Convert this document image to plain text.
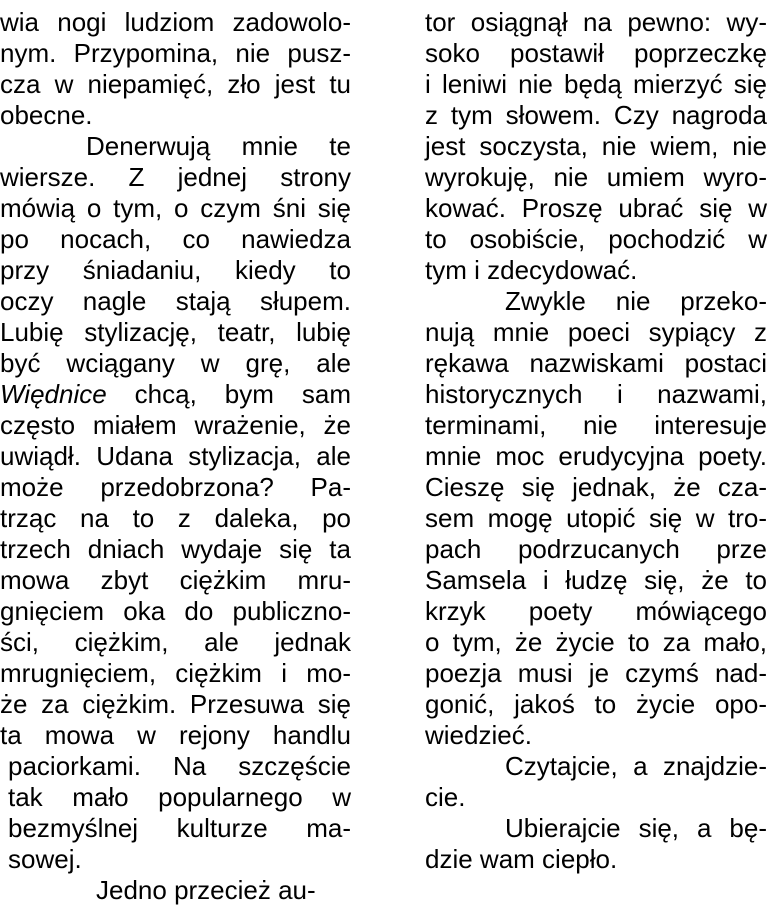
wia nogi ludziom zadowolo-
nym. Przypomina, nie pusz-
cza w niepamięć, zło jest tu
obecne.
Denerwują mnie te
wiersze. Z jednej strony
mówią o tym, o czym śni się
po nocach, co nawiedza
przy śniadaniu, kiedy to
oczy nagle stają słupem.
Lubię stylizację, teatr, lubię
być wciągany w grę, ale
Więdnice chcą, bym sam
często miałem wrażenie, że
uwiądł. Udana stylizacja, ale
może przedobrzona? Pa-
trząc na to z daleka, po
trzech dniach wydaje się ta
mowa zbyt ciężkim mru-
gnięciem oka do publiczno-
ści, ciężkim, ale jednak
mrugnięciem, ciężkim i mo-
że za ciężkim. Przesuwa się
ta mowa w rejony handlu
paciorkami. Na szczęście
tak mało popularnego w
bezmyślnej kulturze ma-
sowej.
Jedno przecież au-
tor osiągnął na pewno: wy-
soko postawił poprzeczkę
i leniwi nie będą mierzyć się
z tym słowem. Czy nagroda
jest soczysta, nie wiem, nie
wyrokuję, nie umiem wyro-
kować. Proszę ubrać się w
to osobiście, pochodzić w
tym i zdecydować.
Zwykle nie przeko-
nują mnie poeci sypiący z
rękawa nazwiskami postaci
historycznych i nazwami,
terminami, nie interesuje
mnie moc erudycyjna poety.
Cieszę się jednak, że cza-
sem mogę utopić się w tro-
pach podrzucanych prze
Samsela i łudzę się, że to
krzyk poety mówiącego
o tym, że życie to za mało,
poezja musi je czymś nad-
gonić, jakoś to życie opo-
wiedzieć.
Czytajcie, a znajdzie-
cie.
Ubierajcie się, a bę-
dzie wam ciepło.
